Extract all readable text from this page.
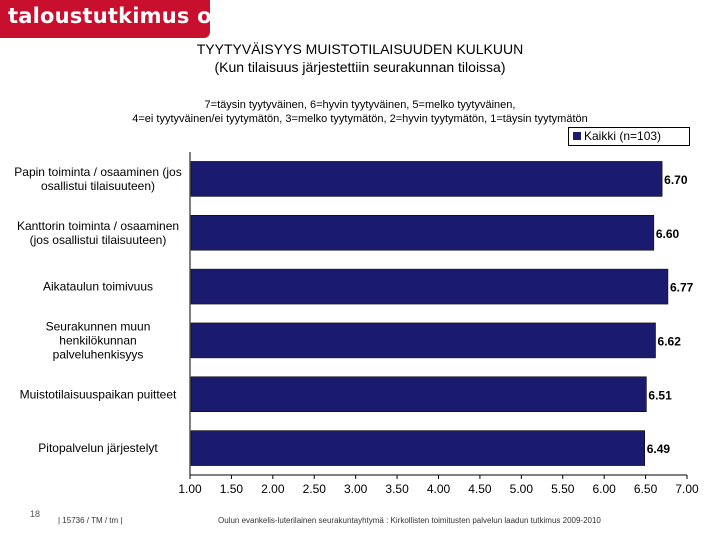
taloustutkimus oy
TYYTYVÄISYYS MUISTOTILAISUUDEN KULKUUN
(Kun tilaisuus järjestettiin seurakunnan tiloissa)
7=täysin tyytyväinen, 6=hyvin tyytyväinen, 5=melko tyytyväinen,
4=ei tyytyväinen/ei tyytymätön, 3=melko tyytymätön, 2=hyvin tyytymätön, 1=täysin tyytymätön
Kaikki (n=103)
Papin toiminta / osaaminen (jos
osallistui tilaisuuteen)	6.70
Kanttorin toiminta / osaaminen
(jos osallistui tilaisuuteen)	6.60
Aikataulun toimivuus	6.77
Seurakunnen muun
henkilökunnan
palveluhenkisyys
6.62
Muistotilaisuuspaikan puitteet	6.51
Pitopalvelun järjestelyt	6.49
1.00 1.50 2.00 2.50 3.00 3.50 4.00 4.50 5.00 5.50 6.00 6.50 7.00
18
| 15736 / TM / tm |	Oulun evankelis-luterilainen seurakuntayhtymä : Kirkollisten toimitusten palvelun laadun tutkimus 2009-2010
